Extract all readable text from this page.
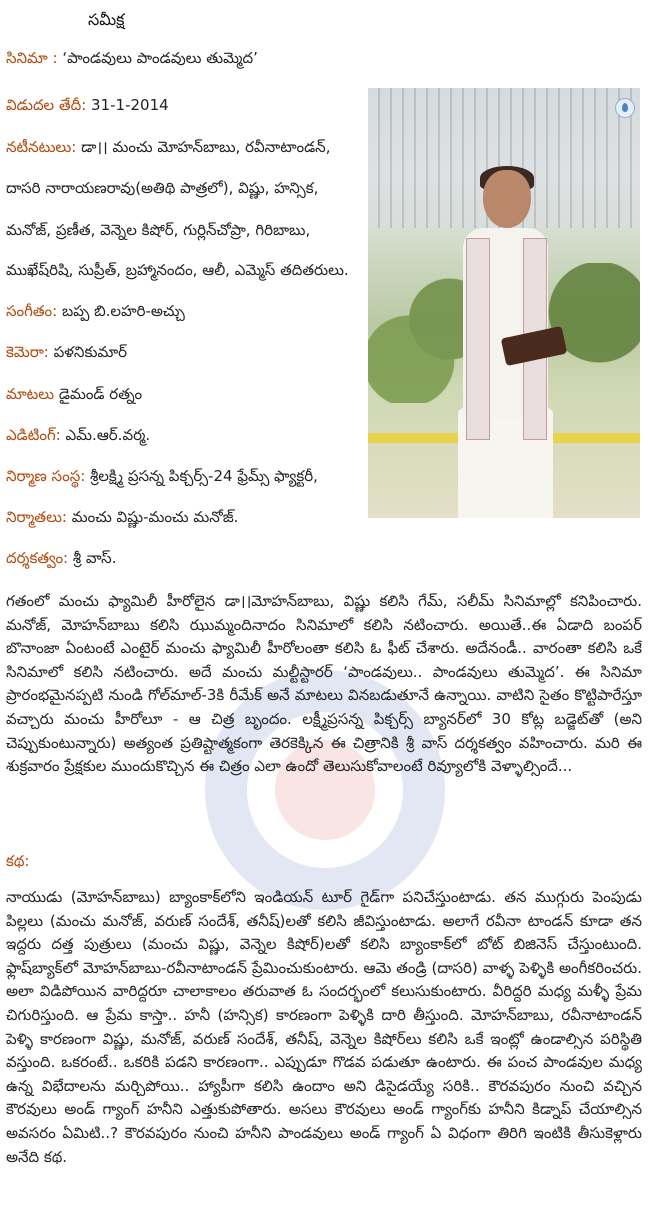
సమీక్ష
సినిమా : ‘పాండవులు పాండవులు తుమ్మెద’
విడుదల తేదీ: 31-1-2014
నటీనటులు: డా।। మంచు మోహన్‌బాబు, రవీనాటాండన్,
దాసరి నారాయణరావు(అతిథి పాత్రలో), విష్ణు, హన్సిక,
మనోజ్, ప్రణీత, వెన్నెల కిషోర్, గుర్లిన్‌చోప్రా, గిరిబాబు,
ముఖేష్‌రిషి, సుప్రీత్, బ్రహ్మానందం, ఆలీ, ఎమ్మెస్ తదితరులు.
సంగీతం: బప్ప బి.లహరి-అచ్చు
కెమెరా: పళనికుమార్
మాటలు డైమండ్ రత్నం
ఎడిటింగ్: ఎమ్.ఆర్.వర్మ.
నిర్మాణ సంస్థ: శ్రీలక్ష్మి ప్రసన్న పిక్చర్స్-24 ఫ్రేమ్స్ ఫ్యాక్టరీ,
నిర్మాతలు: మంచు విష్ణు-మంచు మనోజ్.
దర్శకత్వం: శ్రీ వాస్.

గతంలో మంచు ఫ్యామిలీ హీరోలైన డా।।మోహన్‌బాబు, విష్ణు కలిసి గేమ్, సలీమ్ సినిమాల్లో కనిపించారు. మనోజ్, మోహన్‌బాబు కలిసి ఝుమ్మందినాదం సినిమాలో కలిసి నటించారు. అయితే..ఈ ఏడాది బంపర్ బొనాంజా ఏంటంటే ఎంటైర్ మంచు ఫ్యామిలీ హీరోలంతా కలిసి ఓ ఫీట్ చేశారు. అదేనండీ.. వారంతా కలిసి ఒకే సినిమాలో కలిసి నటించారు. అదే మంచు మల్టీస్టారర్ ‘పాండవులు.. పాండవులు తుమ్మెద’. ఈ సినిమా ప్రారంభమైనప్పటి నుండి గోల్‌మాల్-3కి రీమేక్ అనే మాటలు వినబడుతూనే ఉన్నాయి. వాటిని సైతం కొట్టిపారేస్తూ వచ్చారు మంచు హీరోలూ - ఆ చిత్ర బృందం. లక్ష్మీప్రసన్న పిక్చర్స్ బ్యానర్‌లో 30 కోట్ల బడ్జెట్‌తో (అని చెప్పుకుంటున్నారు) అత్యంత ప్రతిష్టాత్మకంగా తెరకెక్కిన ఈ చిత్రానికి శ్రీ వాస్ దర్శకత్వం వహించారు. మరి ఈ శుక్రవారం ప్రేక్షకుల ముందుకొచ్చిన ఈ చిత్రం ఎలా ఉందో తెలుసుకోవాలంటే రివ్యూలోకి వెళ్ళాల్సిందే...

కథ:

నాయుడు (మోహన్‌బాబు) బ్యాంకాక్‌లోని ఇండియన్ టూర్ గైడ్‌గా పనిచేస్తుంటాడు. తన ముగ్గురు పెంపుడు పిల్లలు (మంచు మనోజ్, వరుణ్ సందేశ్, తనీష్)లతో కలిసి జీవిస్తుంటాడు. అలాగే రవీనా టాండన్ కూడా తన ఇద్దరు దత్త పుత్రులు (మంచు విష్ణు, వెన్నెల కిషోర్)లతో కలిసి బ్యాంకాక్‌లో బోట్ బిజినెస్ చేస్తుంటుంది. ఫ్లాష్‌బ్యాక్‌లో మోహన్‌బాబు-రవీనాటాండన్ ప్రేమించుకుంటారు. ఆమె తండ్రి (దాసరి) వాళ్ళ పెళ్ళికి అంగీకరించరు. అలా విడిపోయిన వారిద్దరూ చాలాకాలం తరువాత ఓ సందర్భంలో కలుసుకుంటారు. వీరిద్దరి మధ్య మళ్ళీ ప్రేమ చిగురిస్తుంది. ఆ ప్రేమ కాస్తా.. హనీ (హన్సిక) కారణంగా పెళ్ళికి దారి తీస్తుంది. మోహన్‌బాబు, రవీనాటాండన్ పెళ్ళి కారణంగా విష్ణు, మనోజ్, వరుణ్ సందేశ్, తనీష్, వెన్నెల కిషోర్‌లు కలిసి ఒకే ఇంట్లో ఉండాల్సిన పరిస్థితి వస్తుంది. ఒకరంటే.. ఒకరికి పడని కారణంగా.. ఎప్పుడూ గొడవ పడుతూ ఉంటారు. ఈ పంచ పాండవుల మధ్య ఉన్న విభేదాలను మర్చిపోయి.. హ్యాపీగా కలిసి ఉందాం అని డిసైడయ్యే సరికి.. కౌరవపురం నుంచి వచ్చిన కౌరవులు అండ్ గ్యాంగ్ హనీని ఎత్తుకుపోతారు. అసలు కౌరవులు అండ్ గ్యాంగ్‌కు హనీని కిడ్నాప్ చేయాల్సిన అవసరం ఏమిటి..? కౌరవపురం నుంచి హనీని పాండవులు అండ్ గ్యాంగ్ ఏ విధంగా తిరిగి ఇంటికి తీసుకెళ్లారు అనేది కథ.
